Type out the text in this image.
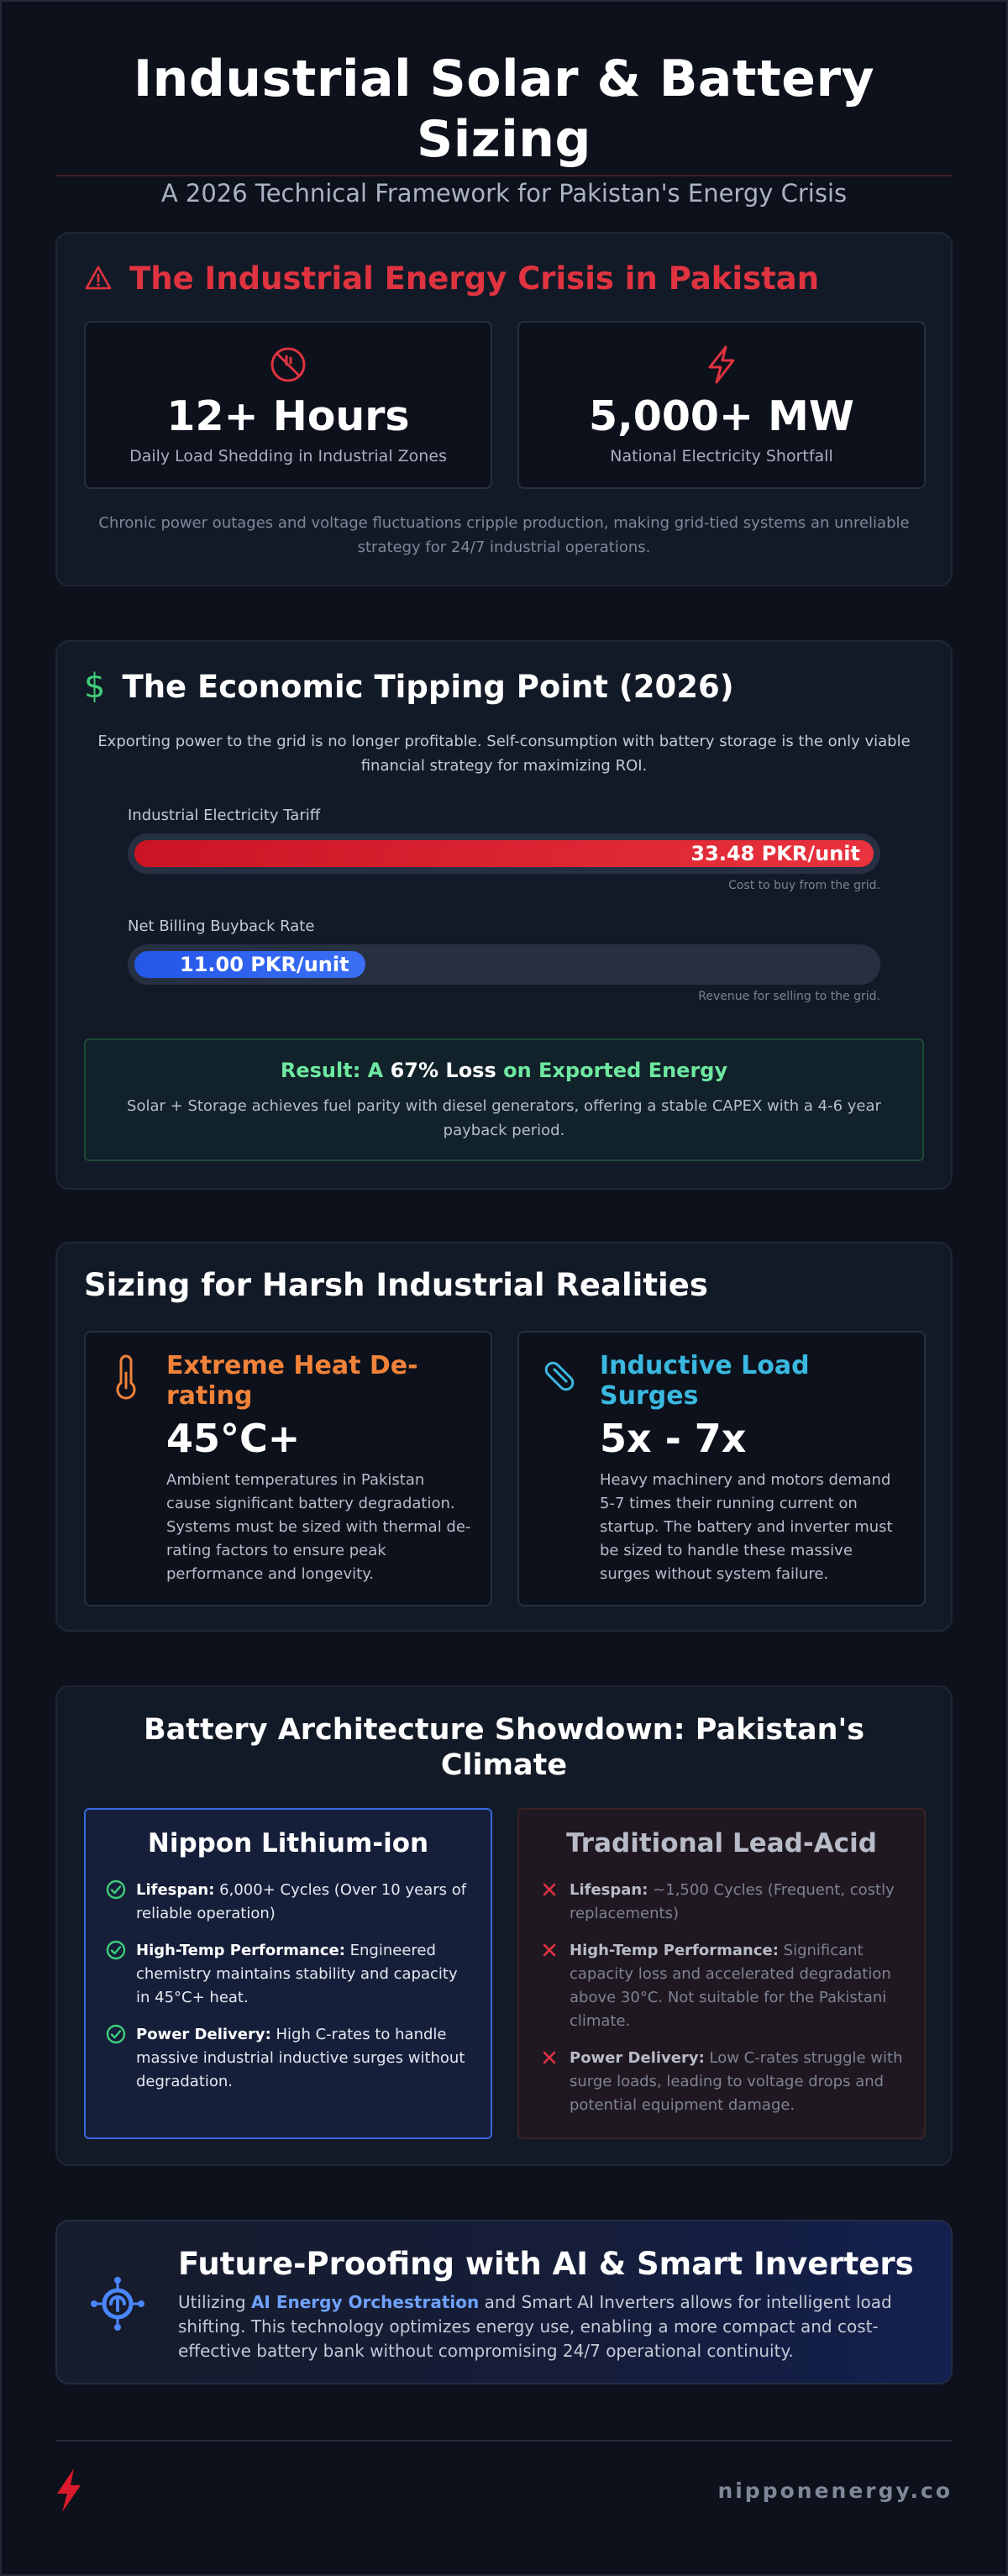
Industrial Solar & Battery Sizing
A 2026 Technical Framework for Pakistan's Energy Crisis
The Industrial Energy Crisis in Pakistan
12+ Hours
Daily Load Shedding in Industrial Zones
5,000+ MW
National Electricity Shortfall
Chronic power outages and voltage fluctuations cripple production, making grid-tied systems an unreliable strategy for 24/7 industrial operations.
$ The Economic Tipping Point (2026)
Exporting power to the grid is no longer profitable. Self-consumption with battery storage is the only viable financial strategy for maximizing ROI.
Industrial Electricity Tariff
33.48 PKR/unit
Cost to buy from the grid.
Net Billing Buyback Rate
11.00 PKR/unit
Revenue for selling to the grid.
Result: A 67% Loss on Exported Energy
Solar + Storage achieves fuel parity with diesel generators, offering a stable CAPEX with a 4-6 year payback period.
Sizing for Harsh Industrial Realities
Extreme Heat De-rating
45°C+
Ambient temperatures in Pakistan cause significant battery degradation. Systems must be sized with thermal de-rating factors to ensure peak performance and longevity.
Inductive Load Surges
5x - 7x
Heavy machinery and motors demand 5-7 times their running current on startup. The battery and inverter must be sized to handle these massive surges without system failure.
Battery Architecture Showdown: Pakistan's Climate
Nippon Lithium-ion
Lifespan: 6,000+ Cycles (Over 10 years of reliable operation)
High-Temp Performance: Engineered chemistry maintains stability and capacity in 45°C+ heat.
Power Delivery: High C-rates to handle massive industrial inductive surges without degradation.
Traditional Lead-Acid
Lifespan: ~1,500 Cycles (Frequent, costly replacements)
High-Temp Performance: Significant capacity loss and accelerated degradation above 30°C. Not suitable for the Pakistani climate.
Power Delivery: Low C-rates struggle with surge loads, leading to voltage drops and potential equipment damage.
Future-Proofing with AI & Smart Inverters
Utilizing AI Energy Orchestration and Smart AI Inverters allows for intelligent load shifting. This technology optimizes energy use, enabling a more compact and cost-effective battery bank without compromising 24/7 operational continuity.
nipponenergy.co
